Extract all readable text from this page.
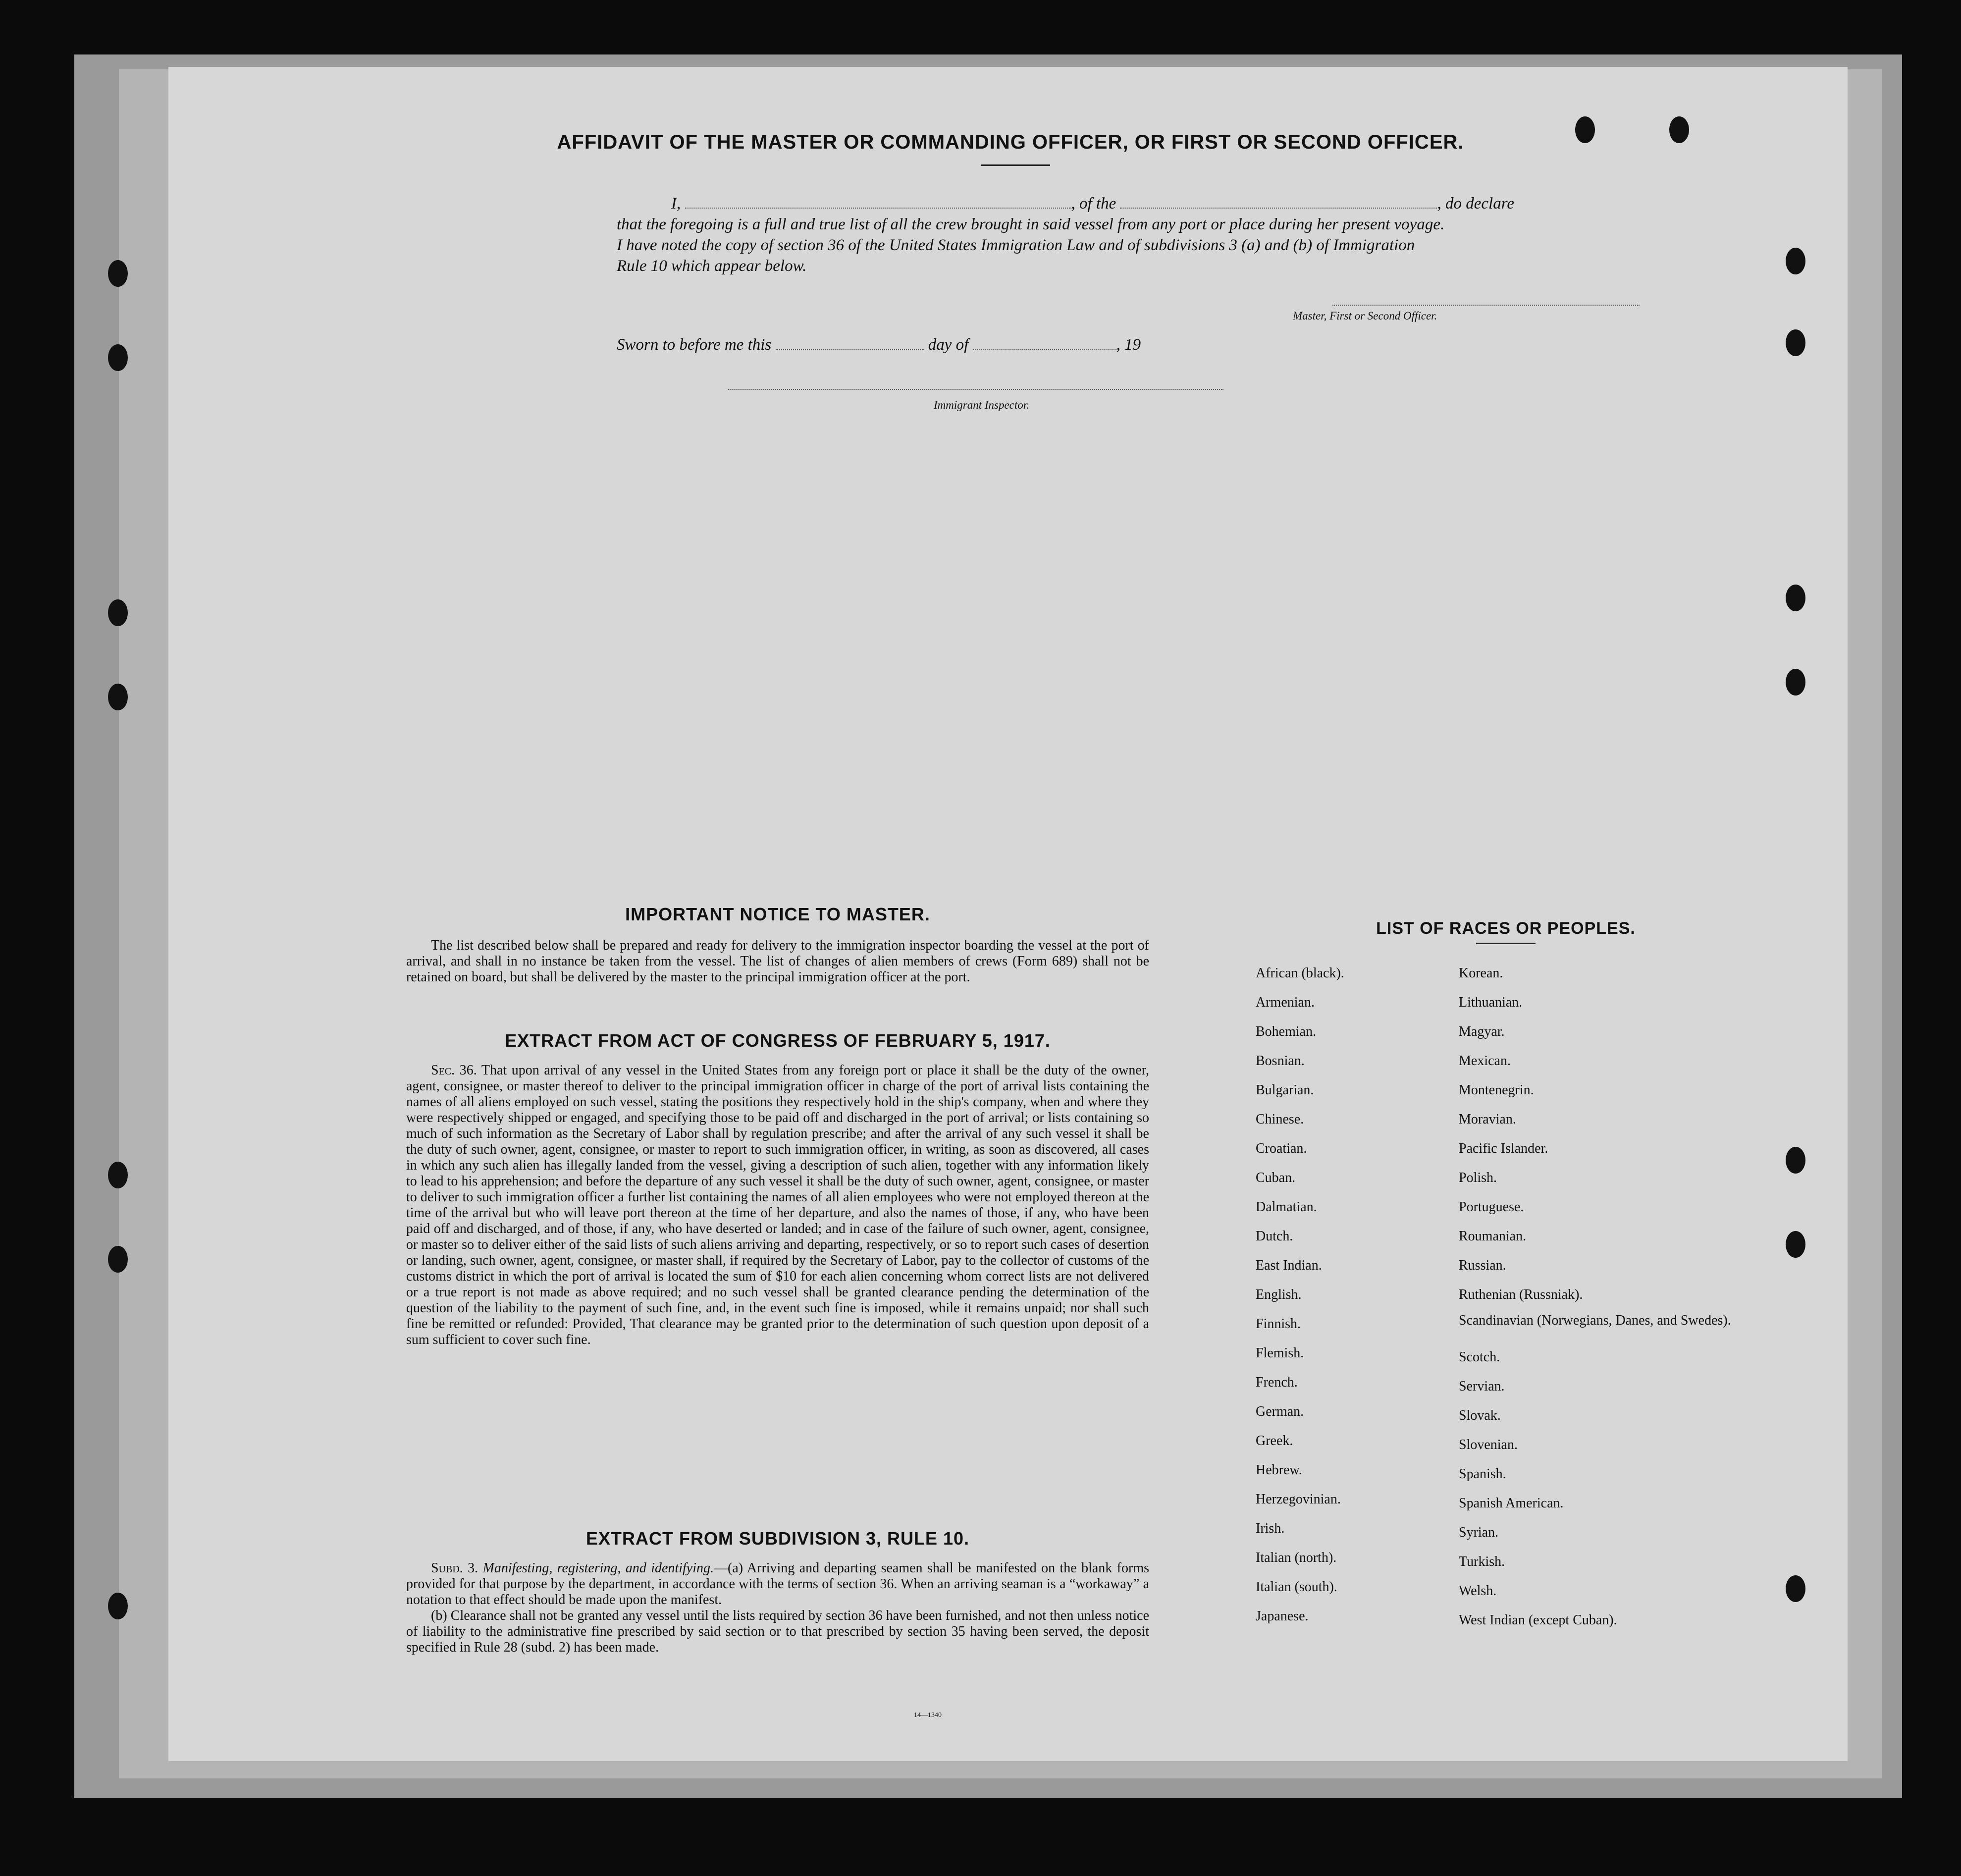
AFFIDAVIT OF THE MASTER OR COMMANDING OFFICER, OR FIRST OR SECOND OFFICER.
I,	, of the	, do declare
that the foregoing is a full and true list of all the crew brought in said vessel from any port or place during her present voyage.
I have noted the copy of section 36 of the United States Immigration Law and of subdivisions 3 (a) and (b) of Immigration
Rule 10 which appear below.
Master, First or Second Officer.
Sworn to before me this	day of	, 19
Immigrant Inspector.
IMPORTANT NOTICE TO MASTER.
The list described below shall be prepared and ready for delivery to the immigration inspector boarding the vessel at the port of arrival, and shall in no instance be taken from the vessel. The list of changes of alien members of crews (Form 689) shall not be retained on board, but shall be delivered by the master to the principal immigration officer at the port.
EXTRACT FROM ACT OF CONGRESS OF FEBRUARY 5, 1917.
Sec. 36. That upon arrival of any vessel in the United States from any foreign port or place it shall be the duty of the owner, agent, consignee, or master thereof to deliver to the principal immigration officer in charge of the port of arrival lists containing the names of all aliens employed on such vessel, stating the positions they respectively hold in the ship's company, when and where they were respectively shipped or engaged, and specifying those to be paid off and discharged in the port of arrival; or lists containing so much of such information as the Secretary of Labor shall by regulation prescribe; and after the arrival of any such vessel it shall be the duty of such owner, agent, consignee, or master to report to such immigration officer, in writing, as soon as discovered, all cases in which any such alien has illegally landed from the vessel, giving a description of such alien, together with any information likely to lead to his apprehension; and before the departure of any such vessel it shall be the duty of such owner, agent, consignee, or master to deliver to such immigration officer a further list containing the names of all alien employees who were not employed thereon at the time of the arrival but who will leave port thereon at the time of her departure, and also the names of those, if any, who have been paid off and discharged, and of those, if any, who have deserted or landed; and in case of the failure of such owner, agent, consignee, or master so to deliver either of the said lists of such aliens arriving and departing, respectively, or so to report such cases of desertion or landing, such owner, agent, consignee, or master shall, if required by the Secretary of Labor, pay to the collector of customs of the customs district in which the port of arrival is located the sum of $10 for each alien concerning whom correct lists are not delivered or a true report is not made as above required; and no such vessel shall be granted clearance pending the determination of the question of the liability to the payment of such fine, and, in the event such fine is imposed, while it remains unpaid; nor shall such fine be remitted or refunded: Provided, That clearance may be granted prior to the determination of such question upon deposit of a sum sufficient to cover such fine.
EXTRACT FROM SUBDIVISION 3, RULE 10.
Subd. 3. Manifesting, registering, and identifying.—(a) Arriving and departing seamen shall be manifested on the blank forms provided for that purpose by the department, in accordance with the terms of section 36. When an arriving seaman is a “workaway” a notation to that effect should be made upon the manifest.
(b) Clearance shall not be granted any vessel until the lists required by section 36 have been furnished, and not then unless notice of liability to the administrative fine prescribed by said section or to that prescribed by section 35 having been served, the deposit specified in Rule 28 (subd. 2) has been made.
14—1340
LIST OF RACES OR PEOPLES.
African (black).
Armenian.
Bohemian.
Bosnian.
Bulgarian.
Chinese.
Croatian.
Cuban.
Dalmatian.
Dutch.
East Indian.
English.
Finnish.
Flemish.
French.
German.
Greek.
Hebrew.
Herzegovinian.
Irish.
Italian (north).
Italian (south).
Japanese.
Korean.
Lithuanian.
Magyar.
Mexican.
Montenegrin.
Moravian.
Pacific Islander.
Polish.
Portuguese.
Roumanian.
Russian.
Ruthenian (Russniak).
Scandinavian (Norwegians, Danes, and Swedes).
Scotch.
Servian.
Slovak.
Slovenian.
Spanish.
Spanish American.
Syrian.
Turkish.
Welsh.
West Indian (except Cuban).
